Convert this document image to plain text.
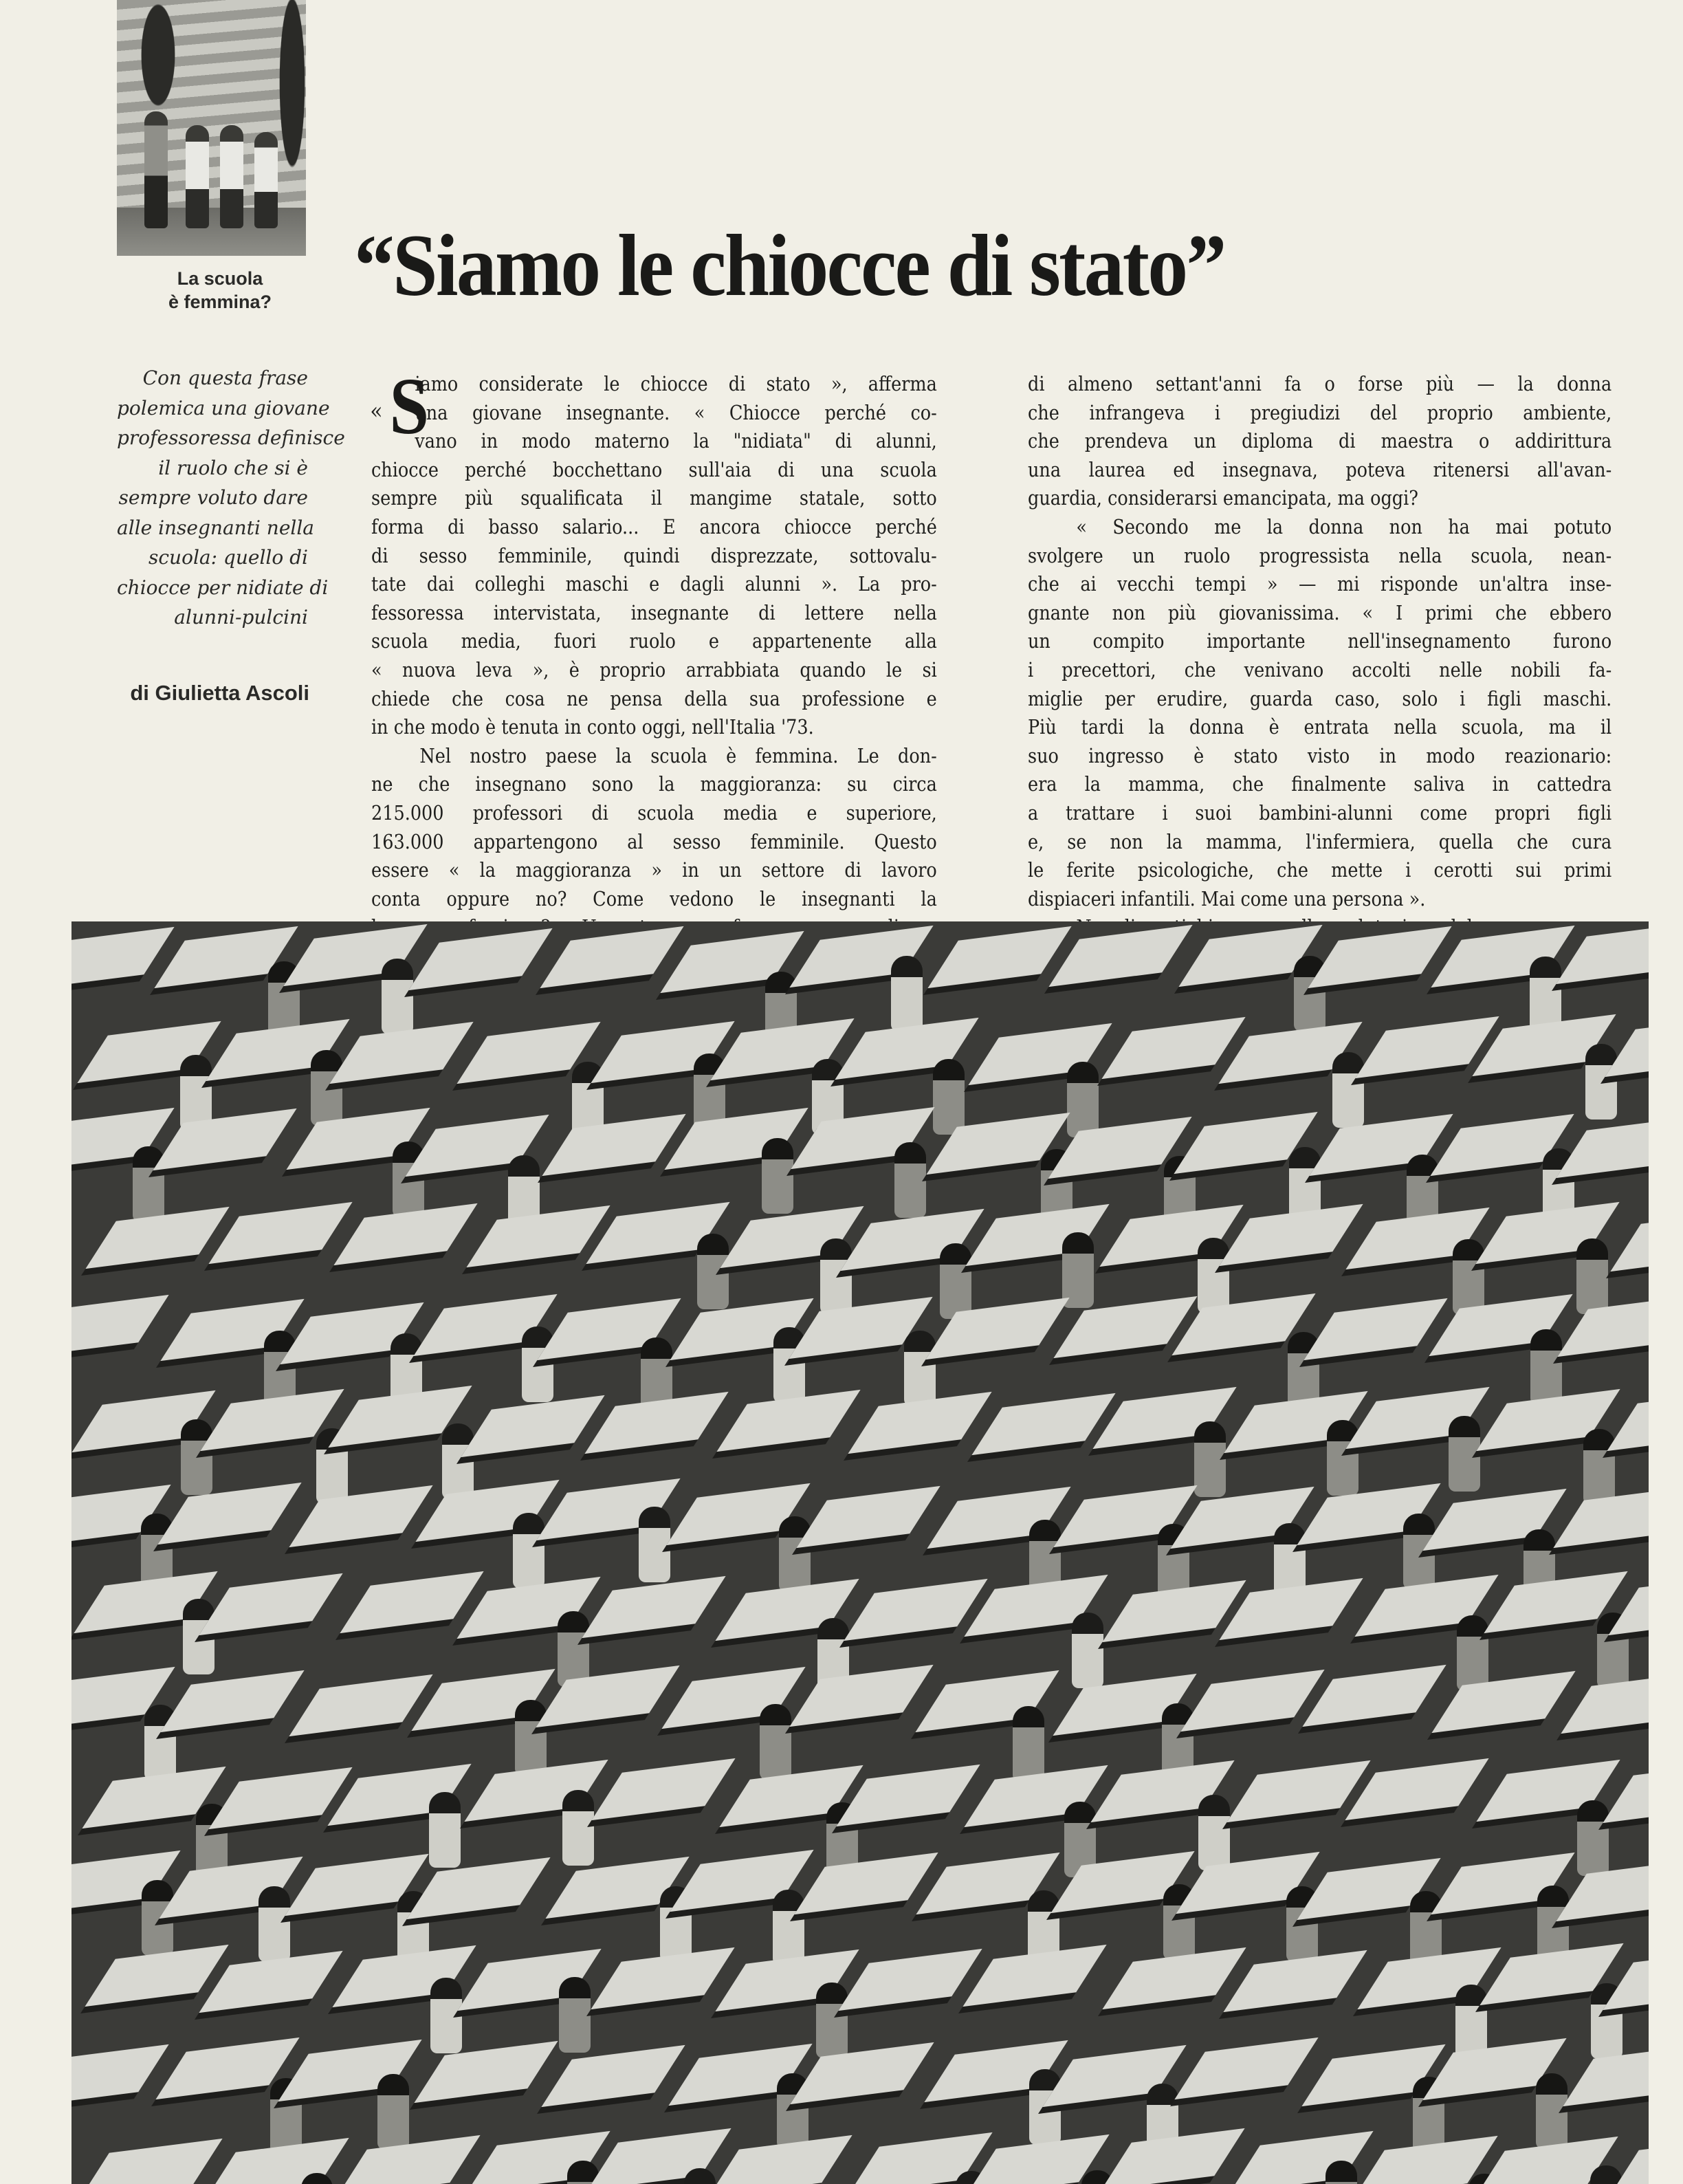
La scuola
è femmina? “Siamo le chiocce di stato”
Con questa frase
polemica una giovane
professoressa definisce
il ruolo che si è
sempre voluto dare
alle insegnanti nella
scuola: quello di
chiocce per nidiate di
alunni-pulcini
di Giulietta Ascoli
« S
iamo considerate le chiocce di stato », afferma
una giovane insegnante. « Chiocce perché co-
vano in modo materno la "nidiata" di alunni,
chiocce perché bocchettano sull'aia di una scuola
sempre più squalificata il mangime statale, sotto
forma di basso salario... E ancora chiocce perché
di sesso femminile, quindi disprezzate, sottovalu-
tate dai colleghi maschi e dagli alunni ». La pro-
fessoressa intervistata, insegnante di lettere nella
scuola media, fuori ruolo e appartenente alla
« nuova leva », è proprio arrabbiata quando le si
chiede che cosa ne pensa della sua professione e
in che modo è tenuta in conto oggi, nell'Italia '73.
Nel nostro paese la scuola è femmina. Le don-
ne che insegnano sono la maggioranza: su circa
215.000 professori di scuola media e superiore,
163.000 appartengono al sesso femminile. Questo
essere « la maggioranza » in un settore di lavoro
conta oppure no? Come vedono le insegnanti la
di almeno settant'anni fa o forse più — la donna
che infrangeva i pregiudizi del proprio ambiente,
che prendeva un diploma di maestra o addirittura
una laurea ed insegnava, poteva ritenersi all'avan-
guardia, considerarsi emancipata, ma oggi?
« Secondo me la donna non ha mai potuto
svolgere un ruolo progressista nella scuola, nean-
che ai vecchi tempi » — mi risponde un'altra inse-
gnante non più giovanissima. « I primi che ebbero
un compito importante nell'insegnamento furono
i precettori, che venivano accolti nelle nobili fa-
miglie per erudire, guarda caso, solo i figli maschi.
Più tardi la donna è entrata nella scuola, ma il
suo ingresso è stato visto in modo reazionario:
era la mamma, che finalmente saliva in cattedra
a trattare i suoi bambini-alunni come propri figli
e, se non la mamma, l'infermiera, quella che cura
le ferite psicologiche, che mette i cerotti sui primi
dispiaceri infantili. Mai come una persona ».
